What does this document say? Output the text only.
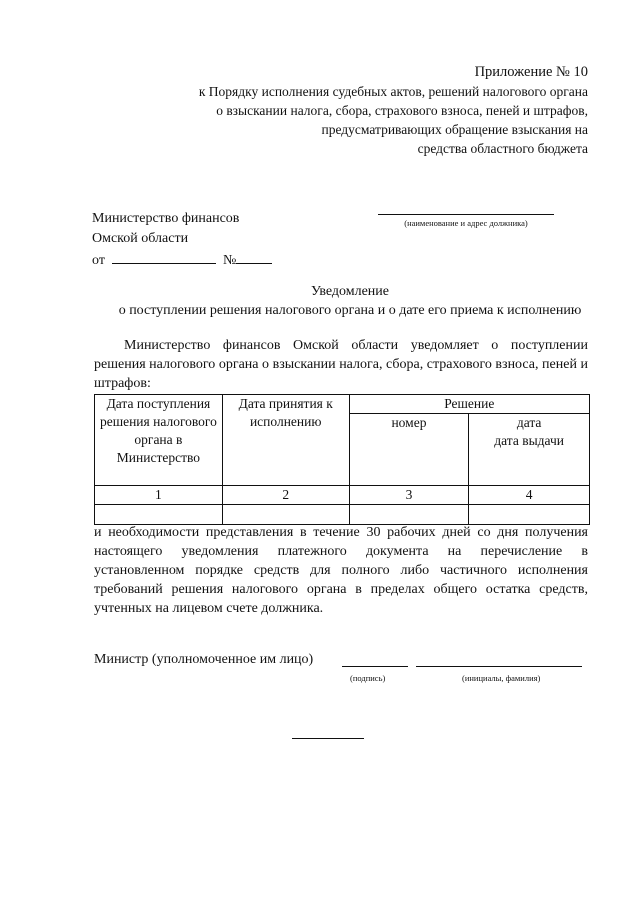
Приложение № 10
к Порядку исполнения судебных актов, решений налогового органа
о взыскании налога, сбора, страхового взноса, пеней и штрафов,
предусматривающих обращение взыскания на
средства областного бюджета
Министерство финансов
Омской области
от	№
(наименование и адрес должника)
Уведомление
о поступлении решения налогового органа и о дате его приема к исполнению

Министерство финансов Омской области уведомляет о поступлении решения налогового органа о взыскании налога, сбора, страхового взноса, пеней и штрафов:

Дата поступления решения налогового органа в Министерство	Дата принятия к исполнению	Решение	
		номер	дата
дата выдачи

1	2	3	4

и необходимости представления в течение 30 рабочих дней со дня получения настоящего уведомления платежного документа на перечисление в установленном порядке средств для полного либо частичного исполнения требований решения налогового органа в пределах общего остатка средств, учтенных на лицевом счете должника.

Министр (уполномоченное им лицо)
(подпись)	(инициалы, фамилия)
